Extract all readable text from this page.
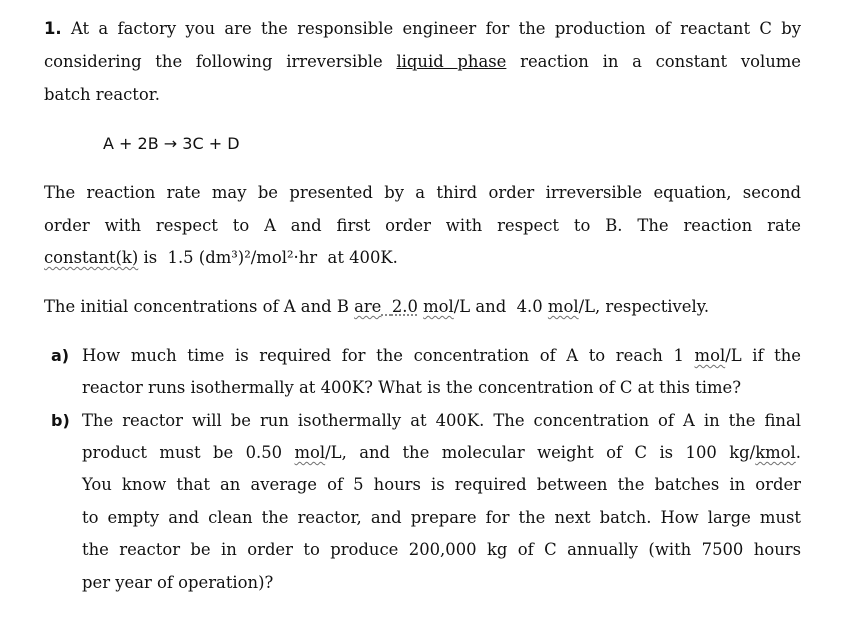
1. At a factory you are the responsible engineer for the production of reactant C by
considering the following irreversible liquid phase reaction in a constant volume
batch reactor.
A + 2B → 3C + D
The reaction rate may be presented by a third order irreversible equation, second
order with respect to A and first order with respect to B. The reaction rate
constant(k) is  1.5 (dm³)²/mol²·hr  at 400K.
The initial concentrations of A and B are 2.0 mol/L and  4.0 mol/L, respectively.
a) How much time is required for the concentration of A to reach 1 mol/L if the
reactor runs isothermally at 400K? What is the concentration of C at this time?
b) The reactor will be run isothermally at 400K. The concentration of A in the final
product must be 0.50 mol/L, and the molecular weight of C is 100 kg/kmol.
You know that an average of 5 hours is required between the batches in order
to empty and clean the reactor, and prepare for the next batch. How large must
the reactor be in order to produce 200,000 kg of C annually (with 7500 hours
per year of operation)?
